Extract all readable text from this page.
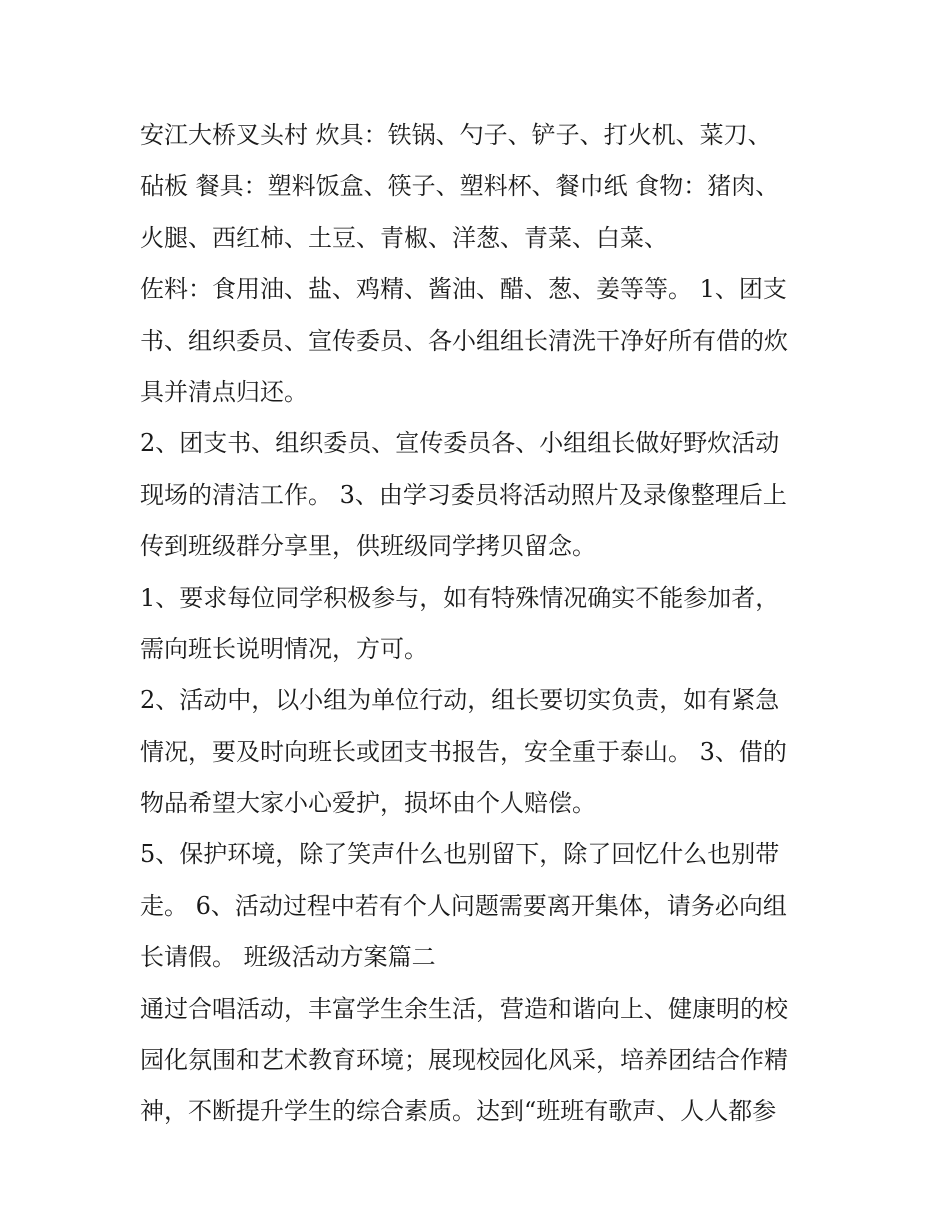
安江大桥叉头村 炊具：铁锅、勺子、铲子、打火机、菜刀、
砧板 餐具：塑料饭盒、筷子、塑料杯、餐巾纸 食物：猪肉、
火腿、西红柿、土豆、青椒、洋葱、青菜、白菜、
佐料：食用油、盐、鸡精、酱油、醋、葱、姜等等。 1、团支
书、组织委员、宣传委员、各小组组长清洗干净好所有借的炊
具并清点归还。

2、团支书、组织委员、宣传委员各、小组组长做好野炊活动
现场的清洁工作。 3、由学习委员将活动照片及录像整理后上
传到班级群分享里，供班级同学拷贝留念。

1、要求每位同学积极参与，如有特殊情况确实不能参加者，
需向班长说明情况，方可。

2、活动中，以小组为单位行动，组长要切实负责，如有紧急
情况，要及时向班长或团支书报告，安全重于泰山。 3、借的
物品希望大家小心爱护，损坏由个人赔偿。

5、保护环境，除了笑声什么也别留下，除了回忆什么也别带
走。 6、活动过程中若有个人问题需要离开集体，请务必向组
长请假。 班级活动方案篇二

通过合唱活动，丰富学生余生活，营造和谐向上、健康明的校
园化氛围和艺术教育环境；展现校园化风采，培养团结合作精
神，不断提升学生的综合素质。达到“班班有歌声、人人都参
